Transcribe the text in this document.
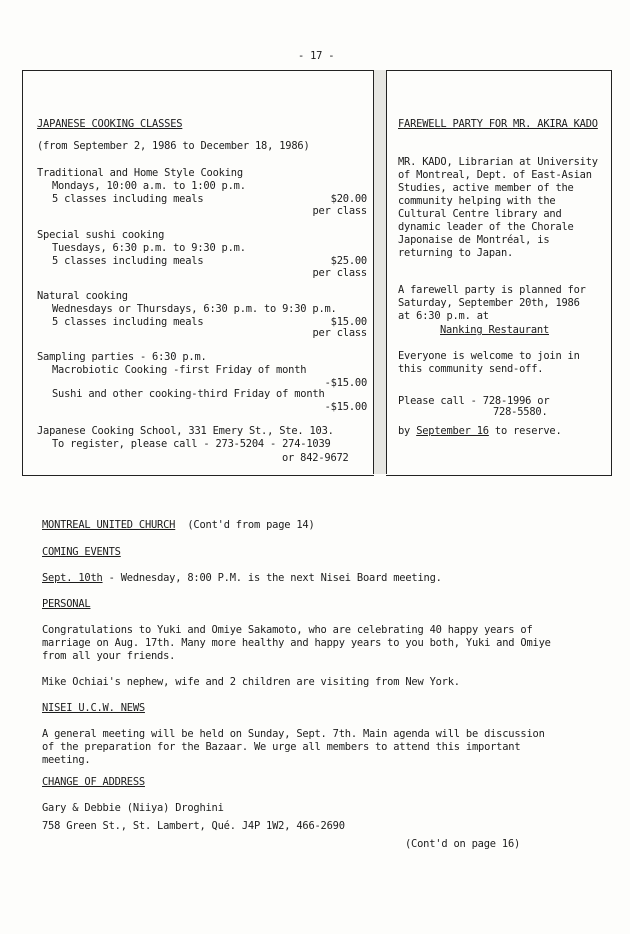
- 17 -
JAPANESE COOKING CLASSES
(from September 2, 1986 to December 18, 1986)
Traditional and Home Style Cooking
Mondays, 10:00 a.m. to 1:00 p.m.
5 classes including meals	$20.00
per class
Special sushi cooking
Tuesdays, 6:30 p.m. to 9:30 p.m.
5 classes including meals	$25.00
per class
Natural cooking
Wednesdays or Thursdays, 6:30 p.m. to 9:30 p.m.
5 classes including meals	$15.00
per class
Sampling parties - 6:30 p.m.
Macrobiotic Cooking -first Friday of month
-$15.00
Sushi and other cooking-third Friday of month
-$15.00
Japanese Cooking School, 331 Emery St., Ste. 103.
To register, please call - 273-5204 - 274-1039
or 842-9672
FAREWELL PARTY FOR MR. AKIRA KADO
MR. KADO, Librarian at University
of Montreal, Dept. of East-Asian
Studies, active member of the
community helping with the
Cultural Centre library and
dynamic leader of the Chorale
Japonaise de Montréal, is
returning to Japan.
A farewell party is planned for
Saturday, September 20th, 1986
at 6:30 p.m. at
Nanking Restaurant
Everyone is welcome to join in
this community send-off.
Please call - 728-1996 or
728-5580.
by September 16 to reserve.
MONTREAL UNITED CHURCH (Cont'd from page 14)
COMING EVENTS
Sept. 10th - Wednesday, 8:00 P.M. is the next Nisei Board meeting.
PERSONAL
Congratulations to Yuki and Omiye Sakamoto, who are celebrating 40 happy years of
marriage on Aug. 17th. Many more healthy and happy years to you both, Yuki and Omiye
from all your friends.
Mike Ochiai's nephew, wife and 2 children are visiting from New York.
NISEI U.C.W. NEWS
A general meeting will be held on Sunday, Sept. 7th. Main agenda will be discussion
of the preparation for the Bazaar. We urge all members to attend this important
meeting.
CHANGE OF ADDRESS
Gary & Debbie (Niiya) Droghini
758 Green St., St. Lambert, Qué. J4P 1W2, 466-2690
(Cont'd on page 16)
